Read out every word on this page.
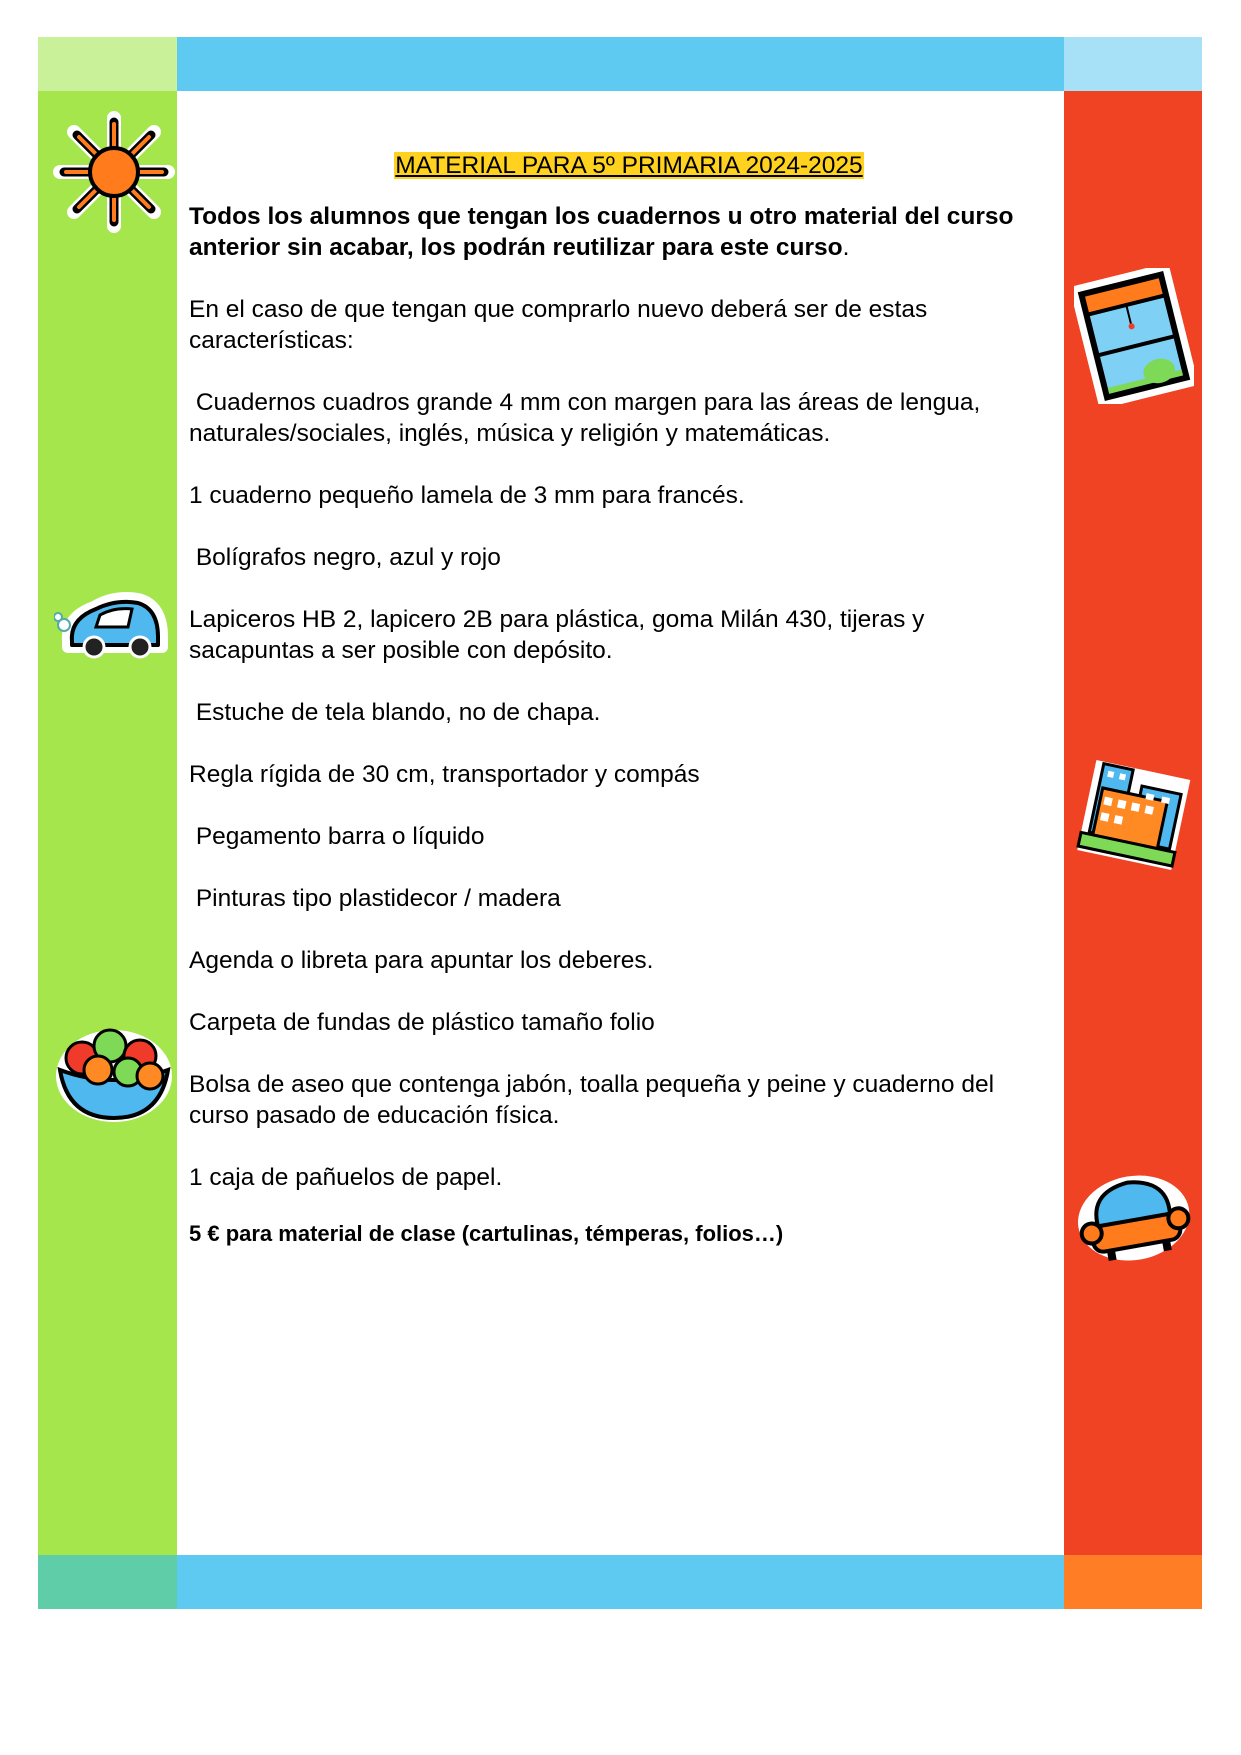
MATERIAL PARA 5º PRIMARIA 2024-2025

Todos los alumnos que tengan los cuadernos u otro material del curso anterior sin acabar, los podrán reutilizar para este curso.

En el caso de que tengan que comprarlo nuevo deberá ser de estas características:

Cuadernos cuadros grande 4 mm con margen para las áreas de lengua, naturales/sociales, inglés, música y religión y matemáticas.

1 cuaderno pequeño lamela de 3 mm para francés.

Bolígrafos negro, azul y rojo

Lapiceros HB 2, lapicero 2B para plástica, goma Milán 430, tijeras y sacapuntas a ser posible con depósito.

Estuche de tela blando, no de chapa.

Regla rígida de 30 cm, transportador y compás

Pegamento barra o líquido

Pinturas tipo plastidecor / madera

Agenda o libreta para apuntar los deberes.

Carpeta de fundas de plástico tamaño folio

Bolsa de aseo que contenga jabón, toalla pequeña y peine y cuaderno del curso pasado de educación física.

1 caja de pañuelos de papel.

5 € para material de clase (cartulinas, témperas, folios…)
